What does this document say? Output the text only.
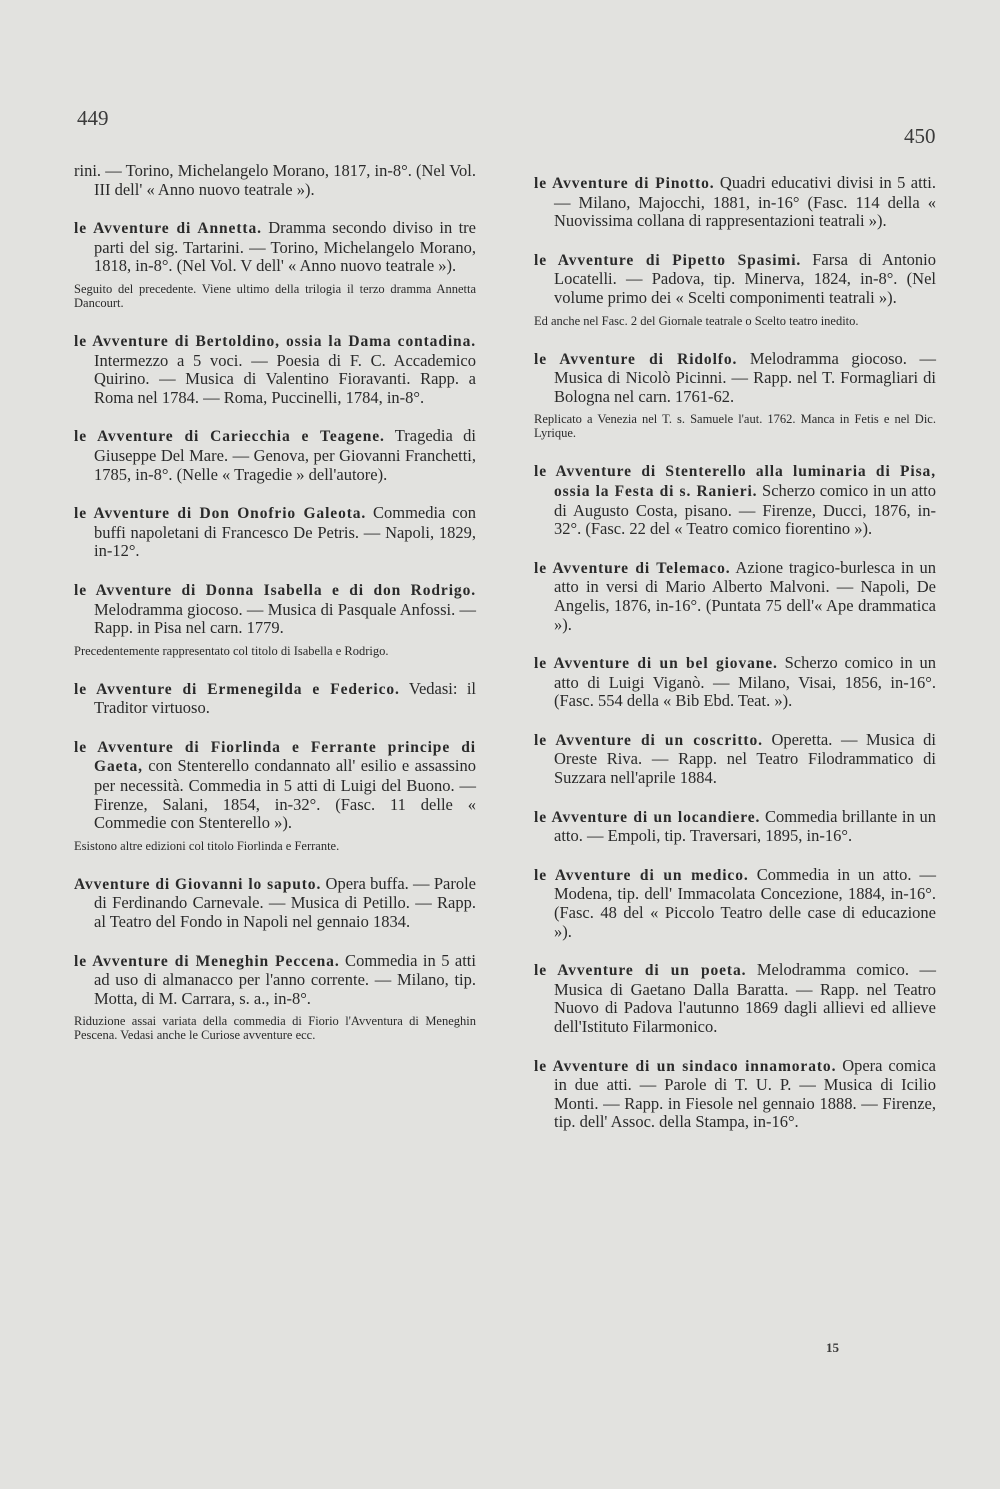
449
450
15

rini. — Torino, Michelangelo Morano, 1817, in-8°. (Nel Vol. III dell' « Anno nuovo teatrale »).

le Avventure di Annetta. Dramma secondo diviso in tre parti del sig. Tartarini. — Torino, Michelangelo Morano, 1818, in-8°. (Nel Vol. V dell' « Anno nuovo teatrale »).

Seguito del precedente. Viene ultimo della trilogia il terzo dramma Annetta Dancourt.

le Avventure di Bertoldino, ossia la Dama contadina. Intermezzo a 5 voci. — Poesia di F. C. Accademico Quirino. — Musica di Valentino Fioravanti. Rapp. a Roma nel 1784. — Roma, Puccinelli, 1784, in-8°.

le Avventure di Cariecchia e Teagene. Tragedia di Giuseppe Del Mare. — Genova, per Giovanni Franchetti, 1785, in-8°. (Nelle « Tragedie » dell'autore).

le Avventure di Don Onofrio Galeota. Commedia con buffi napoletani di Francesco De Petris. — Napoli, 1829, in-12°.

le Avventure di Donna Isabella e di don Rodrigo. Melodramma giocoso. — Musica di Pasquale Anfossi. — Rapp. in Pisa nel carn. 1779.

Precedentemente rappresentato col titolo di Isabella e Rodrigo.

le Avventure di Ermenegilda e Federico. Vedasi: il Traditor virtuoso.

le Avventure di Fiorlinda e Ferrante principe di Gaeta, con Stenterello condannato all' esilio e assassino per necessità. Commedia in 5 atti di Luigi del Buono. — Firenze, Salani, 1854, in-32°. (Fasc. 11 delle « Commedie con Stenterello »).

Esistono altre edizioni col titolo Fiorlinda e Ferrante.

Avventure di Giovanni lo saputo. Opera buffa. — Parole di Ferdinando Carnevale. — Musica di Petillo. — Rapp. al Teatro del Fondo in Napoli nel gennaio 1834.

le Avventure di Meneghin Peccena. Commedia in 5 atti ad uso di almanacco per l'anno corrente. — Milano, tip. Motta, di M. Carrara, s. a., in-8°.

Riduzione assai variata della commedia di Fiorio l'Avventura di Meneghin Pescena. Vedasi anche le Curiose avventure ecc.

le Avventure di Pinotto. Quadri educativi divisi in 5 atti. — Milano, Majocchi, 1881, in-16° (Fasc. 114 della « Nuovissima collana di rappresentazioni teatrali »).

le Avventure di Pipetto Spasimi. Farsa di Antonio Locatelli. — Padova, tip. Minerva, 1824, in-8°. (Nel volume primo dei « Scelti componimenti teatrali »).

Ed anche nel Fasc. 2 del Giornale teatrale o Scelto teatro inedito.

le Avventure di Ridolfo. Melodramma giocoso. — Musica di Nicolò Picinni. — Rapp. nel T. Formagliari di Bologna nel carn. 1761-62.

Replicato a Venezia nel T. s. Samuele l'aut. 1762. Manca in Fetis e nel Dic. Lyrique.

le Avventure di Stenterello alla luminaria di Pisa, ossia la Festa di s. Ranieri. Scherzo comico in un atto di Augusto Costa, pisano. — Firenze, Ducci, 1876, in-32°. (Fasc. 22 del « Teatro comico fiorentino »).

le Avventure di Telemaco. Azione tragico-burlesca in un atto in versi di Mario Alberto Malvoni. — Napoli, De Angelis, 1876, in-16°. (Puntata 75 dell'« Ape drammatica »).

le Avventure di un bel giovane. Scherzo comico in un atto di Luigi Viganò. — Milano, Visai, 1856, in-16°. (Fasc. 554 della « Bib Ebd. Teat. »).

le Avventure di un coscritto. Operetta. — Musica di Oreste Riva. — Rapp. nel Teatro Filodrammatico di Suzzara nell'aprile 1884.

le Avventure di un locandiere. Commedia brillante in un atto. — Empoli, tip. Traversari, 1895, in-16°.

le Avventure di un medico. Commedia in un atto. — Modena, tip. dell' Immacolata Concezione, 1884, in-16°. (Fasc. 48 del « Piccolo Teatro delle case di educazione »).

le Avventure di un poeta. Melodramma comico. — Musica di Gaetano Dalla Baratta. — Rapp. nel Teatro Nuovo di Padova l'autunno 1869 dagli allievi ed allieve dell'Istituto Filarmonico.

le Avventure di un sindaco innamorato. Opera comica in due atti. — Parole di T. U. P. — Musica di Icilio Monti. — Rapp. in Fiesole nel gennaio 1888. — Firenze, tip. dell' Assoc. della Stampa, in-16°.
